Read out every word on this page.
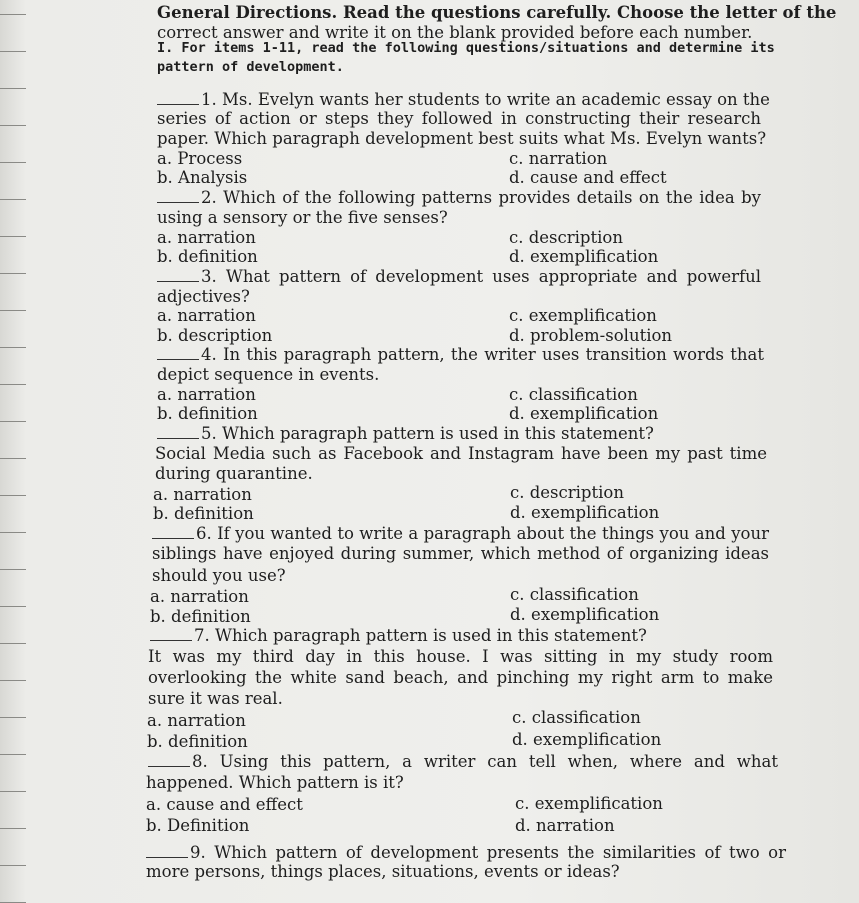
General Directions. Read the questions carefully. Choose the letter of the
correct answer and write it on the blank provided before each number.
I. For items 1-11, read the following questions/situations and determine its
pattern of development.
1. Ms. Evelyn wants her students to write an academic essay on the
series of action or steps they followed in constructing their research
paper. Which paragraph development best suits what Ms. Evelyn wants?
a. Process	c. narration
b. Analysis	d. cause and effect
2. Which of the following patterns provides details on the idea by
using a sensory or the five senses?
a. narration	c. description
b. definition	d. exemplification
3. What pattern of development uses appropriate and powerful
adjectives?
a. narration	c. exemplification
b. description	d. problem-solution
4. In this paragraph pattern, the writer uses transition words that
depict sequence in events.
a. narration	c. classification
b. definition	d. exemplification
5. Which paragraph pattern is used in this statement?
Social Media such as Facebook and Instagram have been my past time
during quarantine.
a. narration	c. description
b. definition	d. exemplification
6. If you wanted to write a paragraph about the things you and your
siblings have enjoyed during summer, which method of organizing ideas
should you use?
a. narration	c. classification
b. definition	d. exemplification
7. Which paragraph pattern is used in this statement?
It was my third day in this house. I was sitting in my study room
overlooking the white sand beach, and pinching my right arm to make
sure it was real.
a. narration	c. classification
b. definition	d. exemplification
8. Using this pattern, a writer can tell when, where and what
happened. Which pattern is it?
a. cause and effect	c. exemplification
b. Definition	d. narration
9. Which pattern of development presents the similarities of two or
more persons, things places, situations, events or ideas?
